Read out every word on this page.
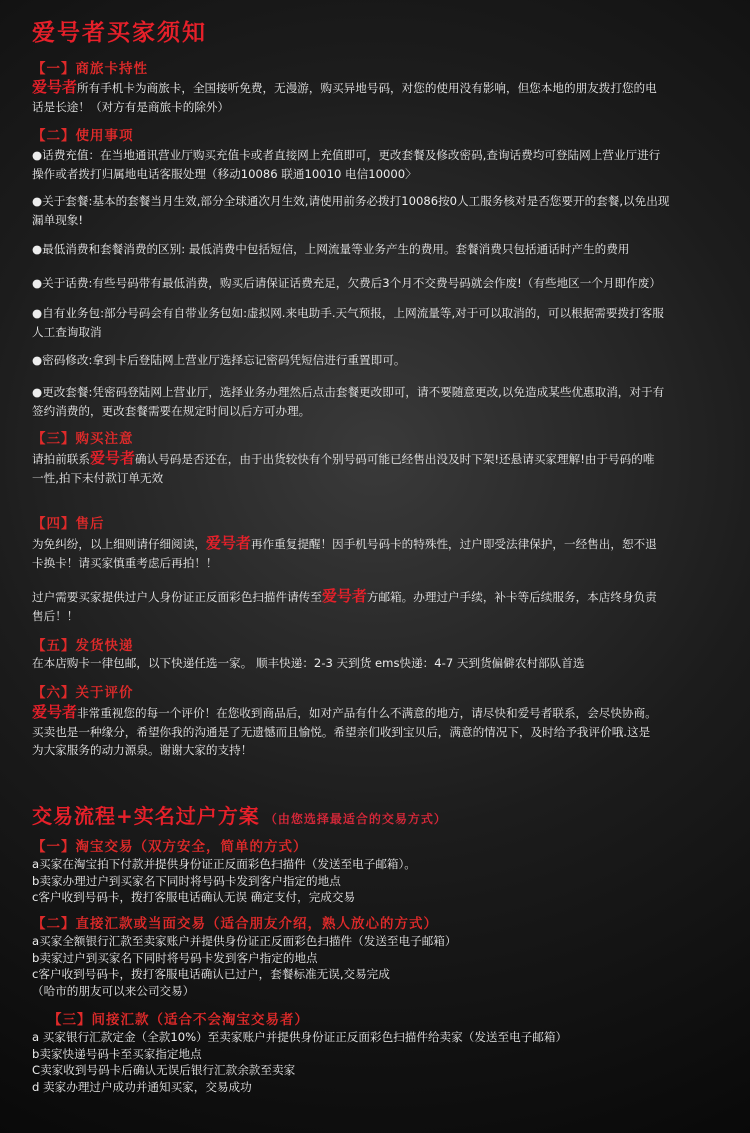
爱号者买家须知
【一】商旅卡持性
爱号者所有手机卡为商旅卡，全国接听免费，无漫游，购买异地号码，对您的使用没有影响，但您本地的朋友拨打您的电
话是长途！（对方有是商旅卡的除外）
【二】使用事项
●话费充值：在当地通讯营业厅购买充值卡或者直接网上充值即可，更改套餐及修改密码,查询话费均可登陆网上营业厅进行
操作或者拨打归属地电话客服处理（移动10086 联通10010 电信10000〉
●关于套餐:基本的套餐当月生效,部分全球通次月生效,请使用前务必拨打10086按0人工服务核对是否您要开的套餐,以免出现
漏单现象!
●最低消费和套餐消费的区别: 最低消费中包括短信，上网流量等业务产生的费用。套餐消费只包括通话时产生的费用
●关于话费:有些号码带有最低消费，购买后请保证话费充足，欠费后3个月不交费号码就会作废!（有些地区一个月即作废）
●自有业务包:部分号码会有自带业务包如:虚拟网.来电助手.天气预报，上网流量等,对于可以取消的，可以根据需要拨打客服
人工查询取消
●密码修改:拿到卡后登陆网上营业厅选择忘记密码凭短信进行重置即可。
●更改套餐:凭密码登陆网上营业厅，选择业务办理然后点击套餐更改即可，请不要随意更改,以免造成某些优惠取消，对于有
签约消费的，更改套餐需要在规定时间以后方可办理。
【三】购买注意
请拍前联系爱号者确认号码是否还在，由于出货较快有个别号码可能已经售出没及时下架!还悬请买家理解!由于号码的唯
一性,拍下未付款订单无效
【四】售后
为免纠纷，以上细则请仔细阅读，爱号者再作重复提醒！因手机号码卡的特殊性，过户即受法律保护，一经售出，恕不退
卡换卡！请买家慎重考虑后再拍！！
过户需要买家提供过户人身份证正反面彩色扫描件请传至爱号者方邮箱。办理过户手续，补卡等后续服务，本店终身负责
售后！！
【五】发货快递
在本店购卡一律包邮，以下快递任选一家。 顺丰快递：2-3 天到货 ems快递：4-7 天到货偏僻农村部队首选
【六】关于评价
爱号者非常重视您的每一个评价！在您收到商品后，如对产品有什么不满意的地方，请尽快和爱号者联系，会尽快协商。
买卖也是一种缘分，希望你我的沟通是了无遗憾而且愉悦。希望亲们收到宝贝后，满意的情况下，及时给予我评价哦.这是
为大家服务的动力源泉。谢谢大家的支持！
交易流程+实名过户方案 （由您选择最适合的交易方式）
【一】淘宝交易（双方安全，简单的方式）
a买家在淘宝拍下付款并提供身份证正反面彩色扫描件（发送至电子邮箱）。
b卖家办理过户到买家名下同时将号码卡发到客户指定的地点
c客户收到号码卡，拨打客服电话确认无误 确定支付，完成交易
【二】直接汇款或当面交易（适合朋友介绍，熟人放心的方式）
a买家全额银行汇款至卖家账户并提供身份证正反面彩色扫描件（发送至电子邮箱）
b卖家过户到买家名下同时将号码卡发到客户指定的地点
c客户收到号码卡，拨打客服电话确认已过户，套餐标准无误,交易完成
（哈市的朋友可以来公司交易）
【三】间接汇款（适合不会淘宝交易者）
a 买家银行汇款定金（全款10%）至卖家账户并提供身份证正反面彩色扫描件给卖家（发送至电子邮箱）
b卖家快递号码卡至买家指定地点
C卖家收到号码卡后确认无误后银行汇款余款至卖家
d 卖家办理过户成功并通知买家，交易成功
